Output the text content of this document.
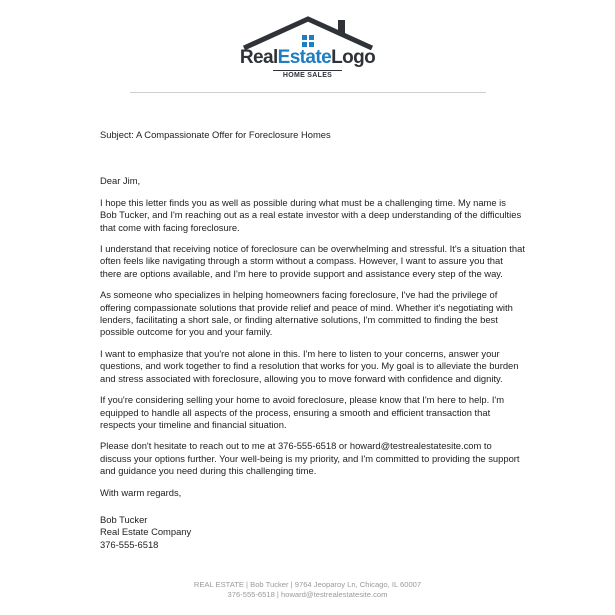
RealEstateLogo
HOME SALES

Subject: A Compassionate Offer for Foreclosure Homes

Dear Jim,

I hope this letter finds you as well as possible during what must be a challenging time. My name is Bob Tucker, and I'm reaching out as a real estate investor with a deep understanding of the difficulties that come with facing foreclosure.

I understand that receiving notice of foreclosure can be overwhelming and stressful. It's a situation that often feels like navigating through a storm without a compass. However, I want to assure you that there are options available, and I'm here to provide support and assistance every step of the way.

As someone who specializes in helping homeowners facing foreclosure, I've had the privilege of offering compassionate solutions that provide relief and peace of mind. Whether it's negotiating with lenders, facilitating a short sale, or finding alternative solutions, I'm committed to finding the best possible outcome for you and your family.

I want to emphasize that you're not alone in this. I'm here to listen to your concerns, answer your questions, and work together to find a resolution that works for you. My goal is to alleviate the burden and stress associated with foreclosure, allowing you to move forward with confidence and dignity.

If you're considering selling your home to avoid foreclosure, please know that I'm here to help. I'm equipped to handle all aspects of the process, ensuring a smooth and efficient transaction that respects your timeline and financial situation.

Please don't hesitate to reach out to me at 376-555-6518 or howard@testrealestatesite.com to discuss your options further. Your well-being is my priority, and I'm committed to providing the support and guidance you need during this challenging time.

With warm regards,

Bob Tucker

Real Estate Company

376-555-6518

REAL ESTATE | Bob Tucker | 9764 Jeoparoy Ln, Chicago, IL 60007
376-555-6518 | howard@testrealestatesite.com
